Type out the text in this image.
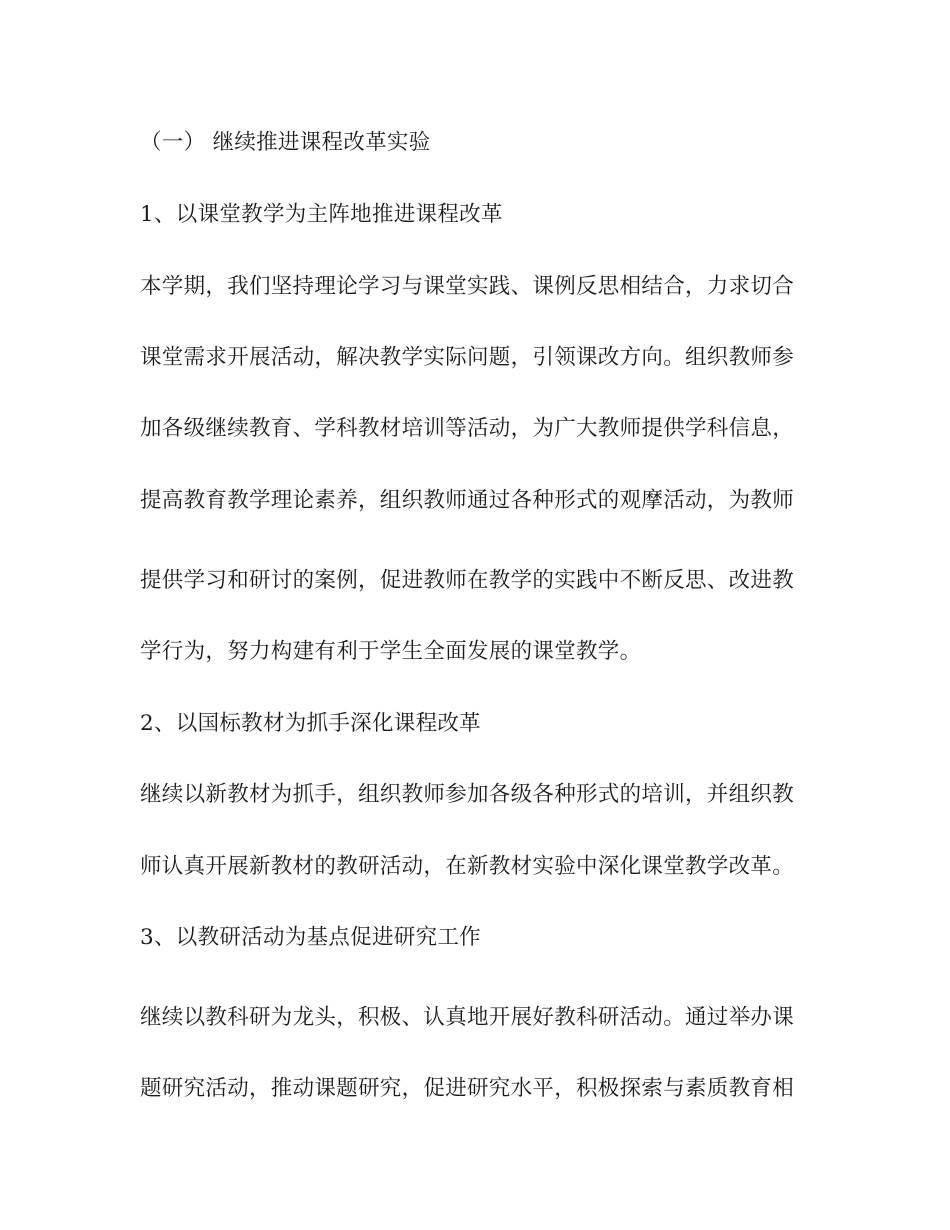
（一） 继续推进课程改革实验
1、以课堂教学为主阵地推进课程改革
本学期，我们坚持理论学习与课堂实践、课例反思相结合，力求切合
课堂需求开展活动，解决教学实际问题，引领课改方向。组织教师参
加各级继续教育、学科教材培训等活动，为广大教师提供学科信息，
提高教育教学理论素养，组织教师通过各种形式的观摩活动，为教师
提供学习和研讨的案例，促进教师在教学的实践中不断反思、改进教
学行为，努力构建有利于学生全面发展的课堂教学。
2、以国标教材为抓手深化课程改革
继续以新教材为抓手，组织教师参加各级各种形式的培训，并组织教
师认真开展新教材的教研活动，在新教材实验中深化课堂教学改革。
3、以教研活动为基点促进研究工作
继续以教科研为龙头，积极、认真地开展好教科研活动。通过举办课
题研究活动，推动课题研究，促进研究水平，积极探索与素质教育相
